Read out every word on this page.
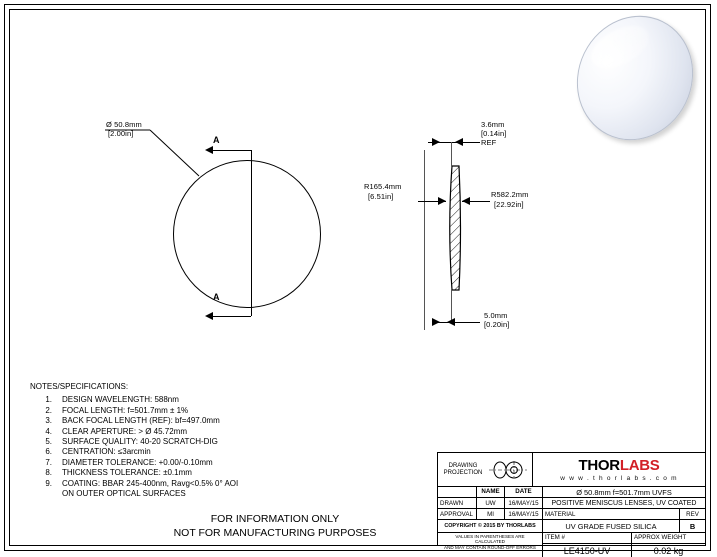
Ø 50.8mm
[2.00in]
A
A
3.6mm
[0.14in]
REF
R165.4mm
[6.51in]	R582.2mm
[22.92in]
5.0mm
[0.20in]
NOTES/SPECIFICATIONS:
1.	DESIGN WAVELENGTH: 588nm
2.	FOCAL LENGTH: f=501.7mm ± 1%
3.	BACK FOCAL LENGTH (REF): bf=497.0mm
4.	CLEAR APERTURE: > Ø 45.72mm
5.	SURFACE QUALITY: 40-20 SCRATCH-DIG
6.	CENTRATION: ≤3arcmin
7.	DIAMETER TOLERANCE: +0.00/-0.10mm
8.	THICKNESS TOLERANCE: ±0.1mm
9.	COATING: BBAR 245-400nm, Ravg<0.5% 0° AOI
ON OUTER OPTICAL SURFACES
FOR INFORMATION ONLY
NOT FOR MANUFACTURING PURPOSES
DRAWING
PROJECTION	THORLABS
w w w . t h o r l a b s . c o m
NAME	DATE	Ø 50.8mm f=501.7mm UVFS
DRAWN	UW	16/MAY/15	POSITIVE MENISCUS LENSES, UV COATED
APPROVAL	MI	16/MAY/15	MATERIAL	REV
COPYRIGHT © 2015 BY THORLABS	UV GRADE FUSED SILICA	B
VALUES IN PARENTHESES ARE CALCULATED
AND MAY CONTAIN ROUND-OFF ERRORS
ITEM #	APPROX WEIGHT
LE4150-UV	0.02 kg
